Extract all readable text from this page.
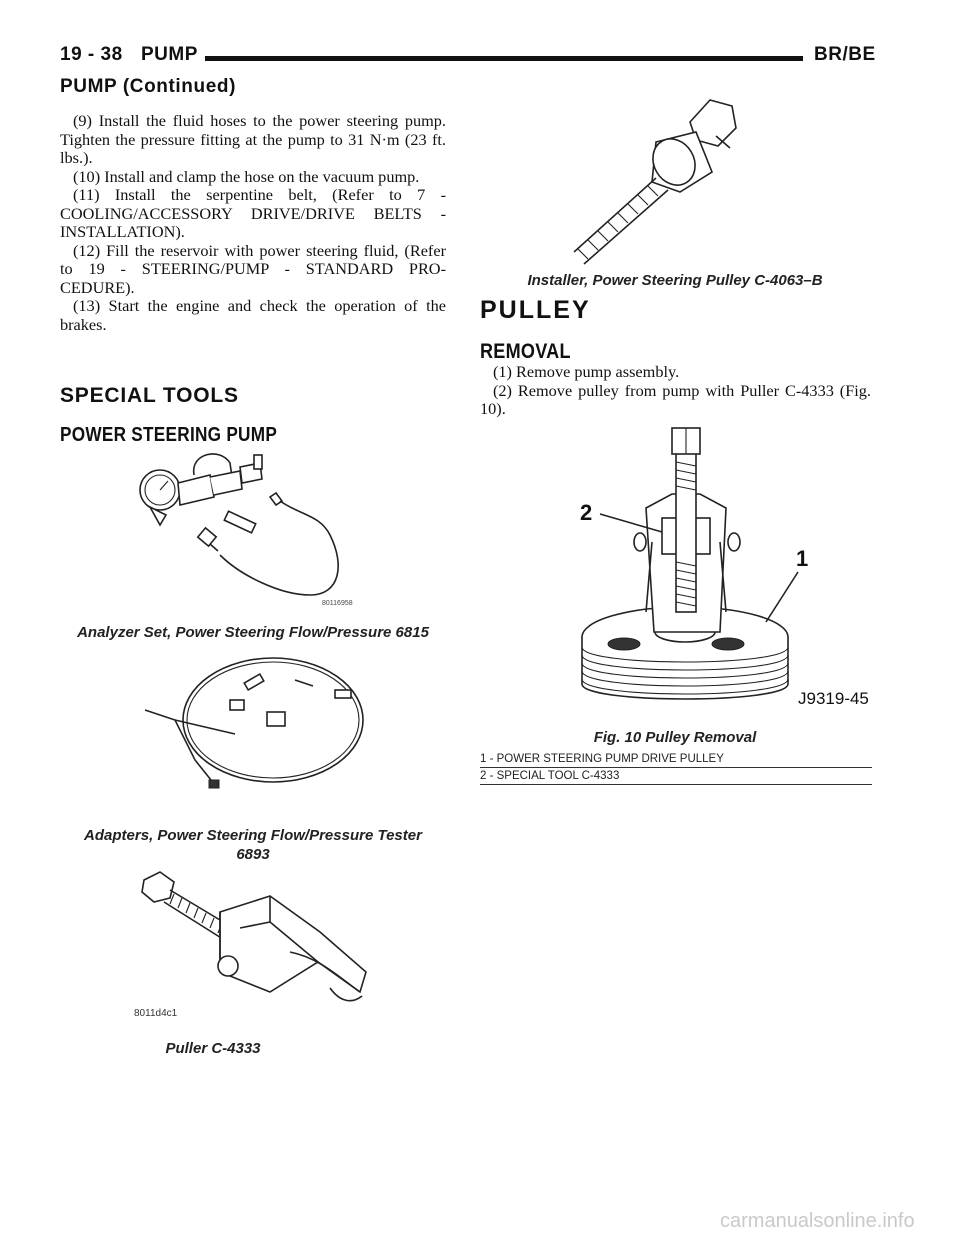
19 - 38 PUMP	BR/BE
PUMP (Continued)

(9) Install the fluid hoses to the power steering pump. Tighten the pressure fitting at the pump to 31 N·m (23 ft. lbs.).

(10) Install and clamp the hose on the vacuum pump.

(11) Install the serpentine belt, (Refer to 7 - COOLING/ACCESSORY DRIVE/DRIVE BELTS - INSTALLATION).

(12) Fill the reservoir with power steering fluid, (Refer to 19 - STEERING/PUMP - STANDARD PRO- CEDURE).

(13) Start the engine and check the operation of the brakes.

SPECIAL TOOLS
POWER STEERING PUMP
80116958
Analyzer Set, Power Steering Flow/Pressure 6815
Adapters, Power Steering Flow/Pressure Tester
6893
8011d4c1
Puller C-4333
Installer, Power Steering Pulley C-4063–B
PULLEY
REMOVAL

(1) Remove pump assembly.

(2) Remove pulley from pump with Puller C-4333 (Fig. 10).

2
1
J9319-45
Fig. 10 Pulley Removal
1 - POWER STEERING PUMP DRIVE PULLEY
2 - SPECIAL TOOL C-4333
carmanualsonline.info
